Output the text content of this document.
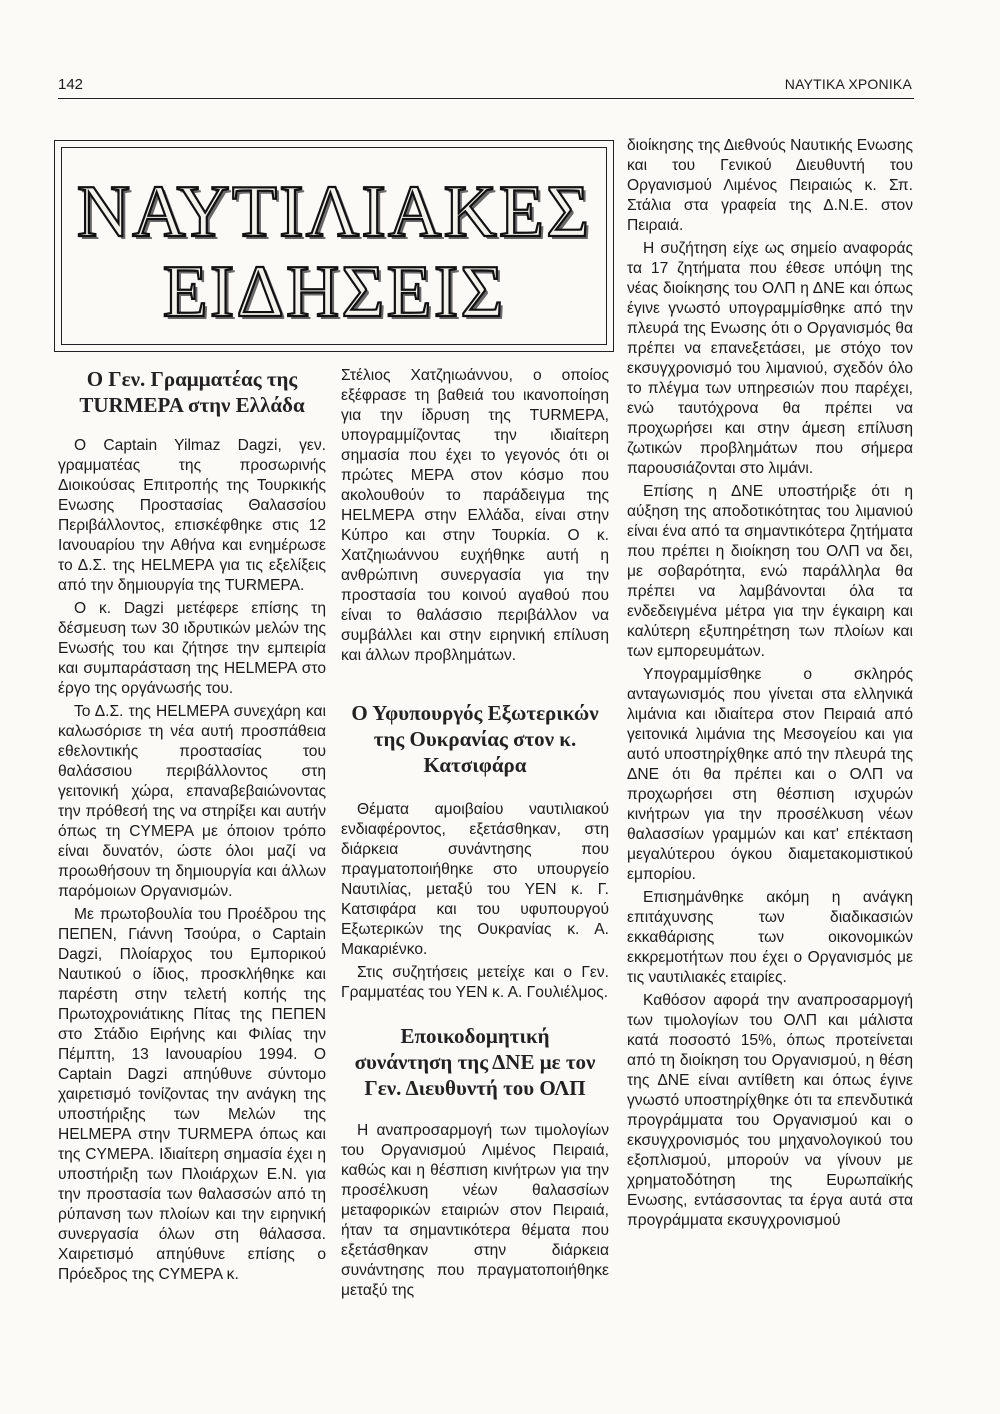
142	ΝΑΥΤΙΚΑ ΧΡΟΝΙΚΑ
ΝΑΥΤΙΛΙΑΚΕΣ
ΕΙΔΗΣΕΙΣ
Ο Γεν. Γραμματέας της TURMEPA στην Ελλάδα

Ο Captain Yilmaz Dagzi, γεν. γραμματέας της προσωρινής Διοικούσας Επιτροπής της Τουρκικής Ενωσης Προστασίας Θαλασσίου Περιβάλλοντος, επισκέφθηκε στις 12 Ιανουαρίου την Αθήνα και ενημέρωσε το Δ.Σ. της HELMEPA για τις εξελίξεις από την δημιουργία της TURMEPA.

Ο κ. Dagzi μετέφερε επίσης τη δέσμευση των 30 ιδρυτικών μελών της Ενωσής του και ζήτησε την εμπειρία και συμπαράσταση της HELMEPA στο έργο της οργάνωσής του.

Το Δ.Σ. της HELMEPA συνεχάρη και καλωσόρισε τη νέα αυτή προσπάθεια εθελοντικής προστασίας του θαλάσσιου περιβάλλοντος στη γειτονική χώρα, επαναβεβαιώνοντας την πρόθεσή της να στηρίξει και αυτήν όπως τη CYMEPA με όποιον τρόπο είναι δυνατόν, ώστε όλοι μαζί να προωθήσουν τη δημιουργία και άλλων παρόμοιων Οργανισμών.

Με πρωτοβουλία του Προέδρου της ΠΕΠΕΝ, Γιάννη Τσούρα, ο Captain Dagzi, Πλοίαρχος του Εμπορικού Ναυτικού ο ίδιος, προσκλήθηκε και παρέστη στην τελετή κοπής της Πρωτοχρονιάτικης Πίτας της ΠΕΠΕΝ στο Στάδιο Ειρήνης και Φιλίας την Πέμπτη, 13 Ιανουαρίου 1994. Ο Captain Dagzi απηύθυνε σύντομο χαιρετισμό τονίζοντας την ανάγκη της υποστήριξης των Μελών της HELMEPA στην TURMEPA όπως και της CYMEPA. Ιδιαίτερη σημασία έχει η υποστήριξη των Πλοιάρχων Ε.Ν. για την προστασία των θαλασσών από τη ρύπανση των πλοίων και την ειρηνική συνεργασία όλων στη θάλασσα. Χαιρετισμό απηύθυνε επίσης ο Πρόεδρος της CYMEPA κ.

Στέλιος Χατζηιωάννου, ο οποίος εξέφρασε τη βαθειά του ικανοποίηση για την ίδρυση της TURMEPA, υπογραμμίζοντας την ιδιαίτερη σημασία που έχει το γεγονός ότι οι πρώτες MEPA στον κόσμο που ακολουθούν το παράδειγμα της HELMEPA στην Ελλάδα, είναι στην Κύπρο και στην Τουρκία. Ο κ. Χατζηιωάννου ευχήθηκε αυτή η ανθρώπινη συνεργασία για την προστασία του κοινού αγαθού που είναι το θαλάσσιο περιβάλλον να συμβάλλει και στην ειρηνική επίλυση και άλλων προβλημάτων.

Ο Υφυπουργός Εξωτερικών της Ουκρανίας στον κ. Κατσιφάρα

Θέματα αμοιβαίου ναυτιλιακού ενδιαφέροντος, εξετάσθηκαν, στη διάρκεια συνάντησης που πραγματοποιήθηκε στο υπουργείο Ναυτιλίας, μεταξύ του ΥΕΝ κ. Γ. Κατσιφάρα και του υφυπουργού Εξωτερικών της Ουκρανίας κ. Α. Μακαριένκο.

Στις συζητήσεις μετείχε και ο Γεν. Γραμματέας του ΥΕΝ κ. Α. Γουλιέλμος.

Εποικοδομητική συνάντηση της ΔΝΕ με τον Γεν. Διευθυντή του ΟΛΠ

Η αναπροσαρμογή των τιμολογίων του Οργανισμού Λιμένος Πειραιά, καθώς και η θέσπιση κινήτρων για την προσέλκυση νέων θαλασσίων μεταφορικών εταιριών στον Πειραιά, ήταν τα σημαντικότερα θέματα που εξετάσθηκαν στην διάρκεια συνάντησης που πραγματοποιήθηκε μεταξύ της

διοίκησης της Διεθνούς Ναυτικής Ενωσης και του Γενικού Διευθυντή του Οργανισμού Λιμένος Πειραιώς κ. Σπ. Στάλια στα γραφεία της Δ.Ν.Ε. στον Πειραιά.

Η συζήτηση είχε ως σημείο αναφοράς τα 17 ζητήματα που έθεσε υπόψη της νέας διοίκησης του ΟΛΠ η ΔΝΕ και όπως έγινε γνωστό υπογραμμίσθηκε από την πλευρά της Ενωσης ότι ο Οργανισμός θα πρέπει να επανεξετάσει, με στόχο τον εκσυγχρονισμό του λιμανιού, σχεδόν όλο το πλέγμα των υπηρεσιών που παρέχει, ενώ ταυτόχρονα θα πρέπει να προχωρήσει και στην άμεση επίλυση ζωτικών προβλημάτων που σήμερα παρουσιάζονται στο λιμάνι.

Επίσης η ΔΝΕ υποστήριξε ότι η αύξηση της αποδοτικότητας του λιμανιού είναι ένα από τα σημαντικότερα ζητήματα που πρέπει η διοίκηση του ΟΛΠ να δει, με σοβαρότητα, ενώ παράλληλα θα πρέπει να λαμβάνονται όλα τα ενδεδειγμένα μέτρα για την έγκαιρη και καλύτερη εξυπηρέτηση των πλοίων και των εμπορευμάτων.

Υπογραμμίσθηκε ο σκληρός ανταγωνισμός που γίνεται στα ελληνικά λιμάνια και ιδιαίτερα στον Πειραιά από γειτονικά λιμάνια της Μεσογείου και για αυτό υποστηρίχθηκε από την πλευρά της ΔΝΕ ότι θα πρέπει και ο ΟΛΠ να προχωρήσει στη θέσπιση ισχυρών κινήτρων για την προσέλκυση νέων θαλασσίων γραμμών και κατ' επέκταση μεγαλύτερου όγκου διαμετακομιστικού εμπορίου.

Επισημάνθηκε ακόμη η ανάγκη επιτάχυνσης των διαδικασιών εκκαθάρισης των οικονομικών εκκρεμοτήτων που έχει ο Οργανισμός με τις ναυτιλιακές εταιρίες.

Καθόσον αφορά την αναπροσαρμογή των τιμολογίων του ΟΛΠ και μάλιστα κατά ποσοστό 15%, όπως προτείνεται από τη διοίκηση του Οργανισμού, η θέση της ΔΝΕ είναι αντίθετη και όπως έγινε γνωστό υποστηρίχθηκε ότι τα επενδυτικά προγράμματα του Οργανισμού και ο εκσυγχρονισμός του μηχανολογικού του εξοπλισμού, μπορούν να γίνουν με χρηματοδότηση της Ευρωπαϊκής Ενωσης, εντάσσοντας τα έργα αυτά στα προγράμματα εκσυγχρονισμού
